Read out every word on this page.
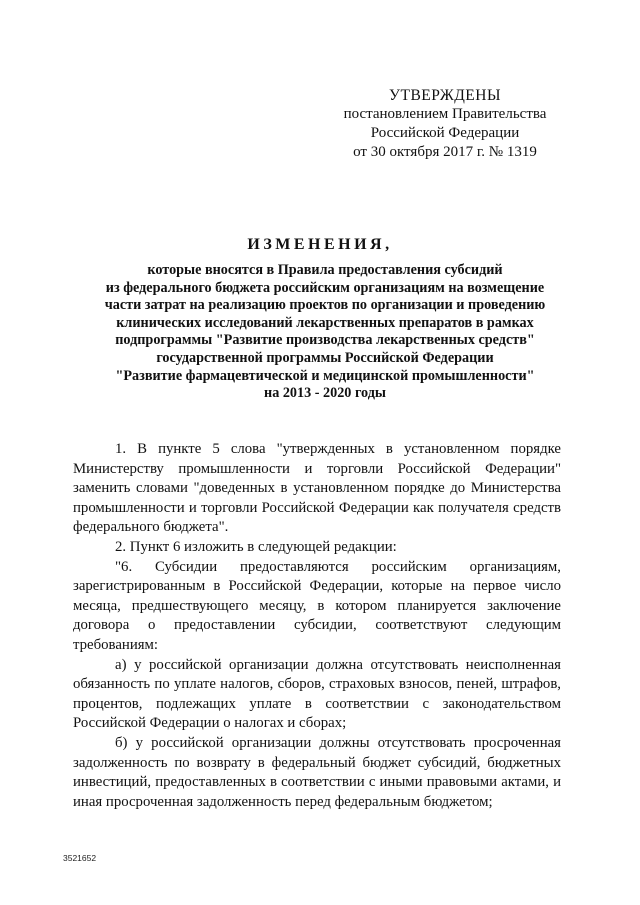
УТВЕРЖДЕНЫ
постановлением Правительства
Российской Федерации
от 30 октября 2017 г. № 1319
ИЗМЕНЕНИЯ,
которые вносятся в Правила предоставления субсидий
из федерального бюджета российским организациям на возмещение
части затрат на реализацию проектов по организации и проведению
клинических исследований лекарственных препаратов в рамках
подпрограммы "Развитие производства лекарственных средств"
государственной программы Российской Федерации
"Развитие фармацевтической и медицинской промышленности"
на 2013 - 2020 годы

1. В пункте 5 слова "утвержденных в установленном порядке Министерству промышленности и торговли Российской Федерации" заменить словами "доведенных в установленном порядке до Министерства промышленности и торговли Российской Федерации как получателя средств федерального бюджета".

2. Пункт 6 изложить в следующей редакции:

"6. Субсидии предоставляются российским организациям, зарегистрированным в Российской Федерации, которые на первое число месяца, предшествующего месяцу, в котором планируется заключение договора о предоставлении субсидии, соответствуют следующим требованиям:

а) у российской организации должна отсутствовать неисполненная обязанность по уплате налогов, сборов, страховых взносов, пеней, штрафов, процентов, подлежащих уплате в соответствии с законодательством Российской Федерации о налогах и сборах;

б) у российской организации должны отсутствовать просроченная задолженность по возврату в федеральный бюджет субсидий, бюджетных инвестиций, предоставленных в соответствии с иными правовыми актами, и иная просроченная задолженность перед федеральным бюджетом;

3521652
